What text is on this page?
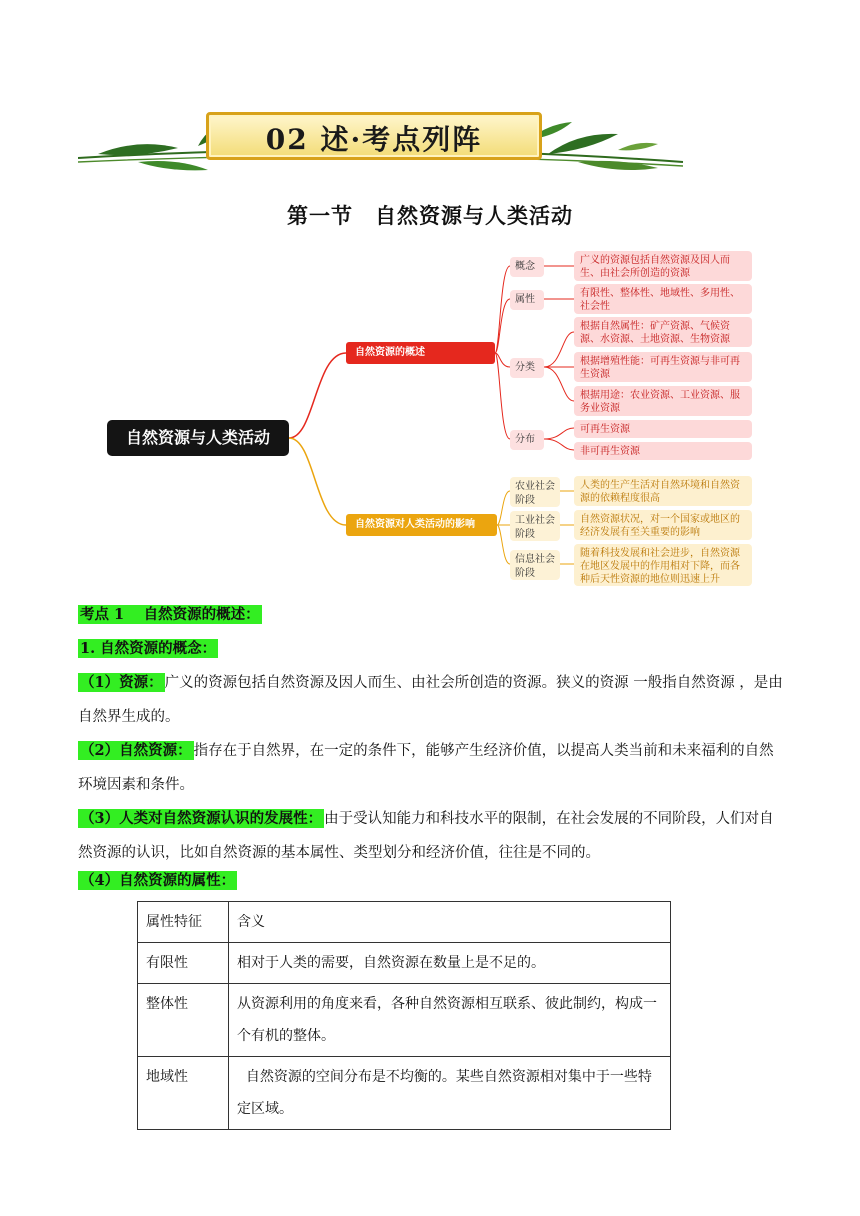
02 述·考点列阵
第一节　自然资源与人类活动
自然资源与人类活动
自然资源的概述
自然资源对人类活动的影响
概念
属性
分类
分布
广义的资源包括自然资源及因人而生、由社会所创造的资源
有限性、整体性、地域性、多用性、社会性
根据自然属性：矿产资源、气候资源、水资源、土地资源、生物资源
根据增殖性能：可再生资源与非可再生资源
根据用途：农业资源、工业资源、服务业资源
可再生资源
非可再生资源
农业社会阶段
工业社会阶段
信息社会阶段
人类的生产生活对自然环境和自然资源的依赖程度很高
自然资源状况，对一个国家或地区的经济发展有至关重要的影响
随着科技发展和社会进步，自然资源在地区发展中的作用相对下降，而各种后天性资源的地位则迅速上升
考点 1　 自然资源的概述：
1. 自然资源的概念：
（1）资源： 广义的资源包括自然资源及因人而生、由社会所创造的资源。狭义的资源 一般指自然资源 ，是由自然界生成的。
（2）自然资源： 指存在于自然界，在一定的条件下，能够产生经济价值，以提高人类当前和未来福利的自然环境因素和条件。
（3）人类对自然资源认识的发展性： 由于受认知能力和科技水平的限制，在社会发展的不同阶段，人们对自然资源的认识，比如自然资源的基本属性、类型划分和经济价值，往往是不同的。
（4）自然资源的属性：
属性特征	含义
有限性	相对于人类的需要，自然资源在数量上是不足的。
整体性	从资源利用的角度来看，各种自然资源相互联系、彼此制约，构成一个有机的整体。
地域性	自然资源的空间分布是不均衡的。某些自然资源相对集中于一些特定区域。
